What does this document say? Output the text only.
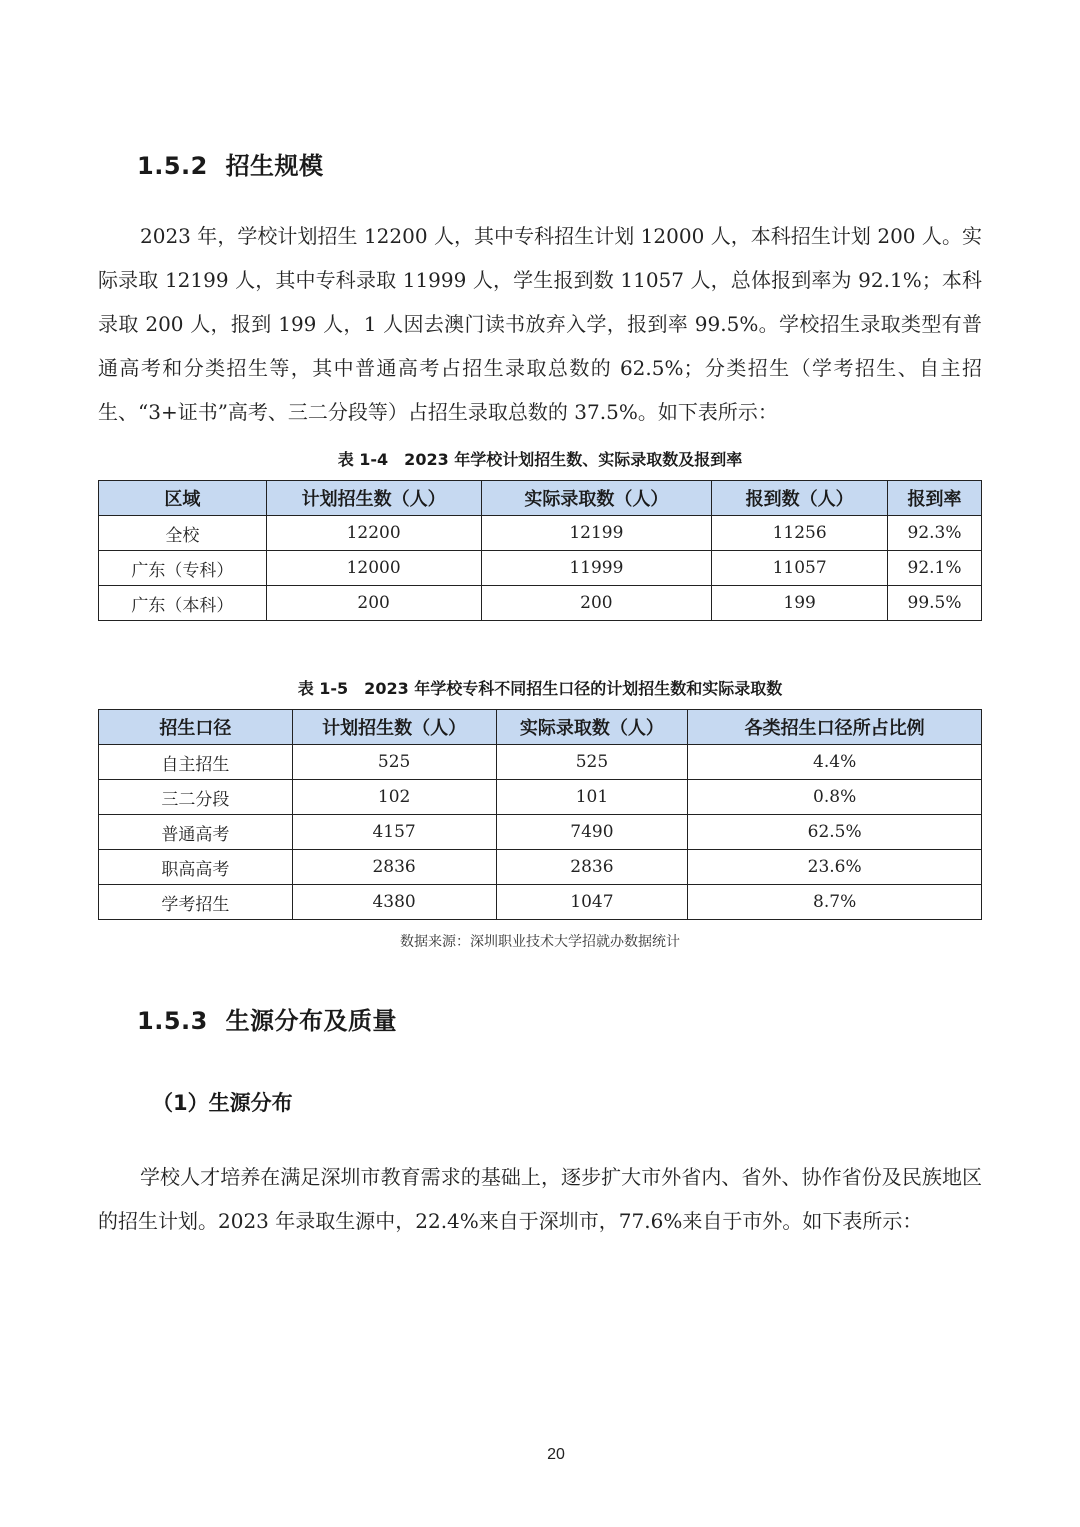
1.5.2 招生规模

2023 年，学校计划招生 12200 人，其中专科招生计划 12000 人，本科招生计划 200 人。实际录取 12199 人，其中专科录取 11999 人，学生报到数 11057 人，总体报到率为 92.1%；本科录取 200 人，报到 199 人，1 人因去澳门读书放弃入学，报到率 99.5%。学校招生录取类型有普通高考和分类招生等，其中普通高考占招生录取总数的 62.5%；分类招生（学考招生、自主招生、“3+证书”高考、三二分段等）占招生录取总数的 37.5%。如下表所示：

表 1-4　2023 年学校计划招生数、实际录取数及报到率
区域	计划招生数（人）	实际录取数（人）	报到数（人）	报到率
全校	12200	12199	11256	92.3%
广东（专科）	12000	11999	11057	92.1%
广东（本科）	200	200	199	99.5%
表 1-5　2023 年学校专科不同招生口径的计划招生数和实际录取数
招生口径	计划招生数（人）	实际录取数（人）	各类招生口径所占比例
自主招生	525	525	4.4%
三二分段	102	101	0.8%
普通高考	4157	7490	62.5%
职高高考	2836	2836	23.6%
学考招生	4380	1047	8.7%
数据来源：深圳职业技术大学招就办数据统计
1.5.3 生源分布及质量
（1）生源分布

学校人才培养在满足深圳市教育需求的基础上，逐步扩大市外省内、省外、协作省份及民族地区的招生计划。2023 年录取生源中，22.4%来自于深圳市，77.6%来自于市外。如下表所示：

20
